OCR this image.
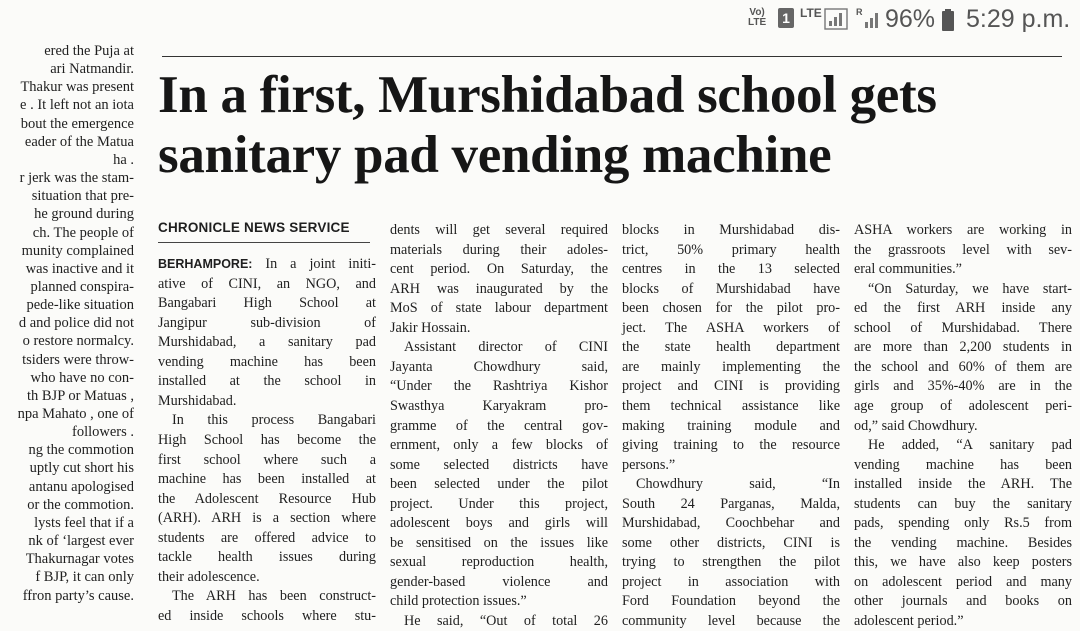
Vo)
LTE 1 LTE	R 96% 5:29 p.m.
ered the Puja at
ari Natmandir.
Thakur was present
e . It left not an iota
bout the emergence
eader of the Matua
ha .
r jerk was the stam-
situation that pre-
he ground during
ch. The people of
munity complained
was inactive and it
planned conspira-
pede-like situation
d and police did not
o restore normalcy.
tsiders were throw-
who have no con-
th BJP or Matuas ,
npa Mahato , one of
followers .
ng the commotion
uptly cut short his
antanu apologised
or the commotion.
lysts feel that if a
nk of ‘largest ever
Thakurnagar votes
f BJP, it can only
ffron party’s cause.
In a first, Murshidabad school gets
sanitary pad vending machine
CHRONICLE NEWS SERVICE
BERHAMPORE: In a joint initi-
ative of CINI, an NGO, and
Bangabari High School at
Jangipur sub-division of
Murshidabad, a sanitary pad
vending machine has been
installed at the school in
Murshidabad.
In this process Bangabari
High School has become the
first school where such a
machine has been installed at
the Adolescent Resource Hub
(ARH). ARH is a section where
students are offered advice to
tackle health issues during
their adolescence.
The ARH has been construct-
ed inside schools where stu-
dents will get several required
materials during their adoles-
cent period. On Saturday, the
ARH was inaugurated by the
MoS of state labour department
Jakir Hossain.
Assistant director of CINI
Jayanta Chowdhury said,
“Under the Rashtriya Kishor
Swasthya Karyakram pro-
gramme of the central gov-
ernment, only a few blocks of
some selected districts have
been selected under the pilot
project. Under this project,
adolescent boys and girls will
be sensitised on the issues like
sexual reproduction health,
gender-based violence and
child protection issues.”
He said, “Out of total 26
blocks in Murshidabad dis-
trict, 50% primary health
centres in the 13 selected
blocks of Murshidabad have
been chosen for the pilot pro-
ject. The ASHA workers of
the state health department
are mainly implementing the
project and CINI is providing
them technical assistance like
making training module and
giving training to the resource
persons.”
Chowdhury said, “In
South 24 Parganas, Malda,
Murshidabad, Coochbehar and
some other districts, CINI is
trying to strengthen the pilot
project in association with
Ford Foundation beyond the
community level because the
ASHA workers are working in
the grassroots level with sev-
eral communities.”
“On Saturday, we have start-
ed the first ARH inside any
school of Murshidabad. There
are more than 2,200 students in
the school and 60% of them are
girls and 35%-40% are in the
age group of adolescent peri-
od,” said Chowdhury.
He added, “A sanitary pad
vending machine has been
installed inside the ARH. The
students can buy the sanitary
pads, spending only Rs.5 from
the vending machine. Besides
this, we have also keep posters
on adolescent period and many
other journals and books on
adolescent period.”
